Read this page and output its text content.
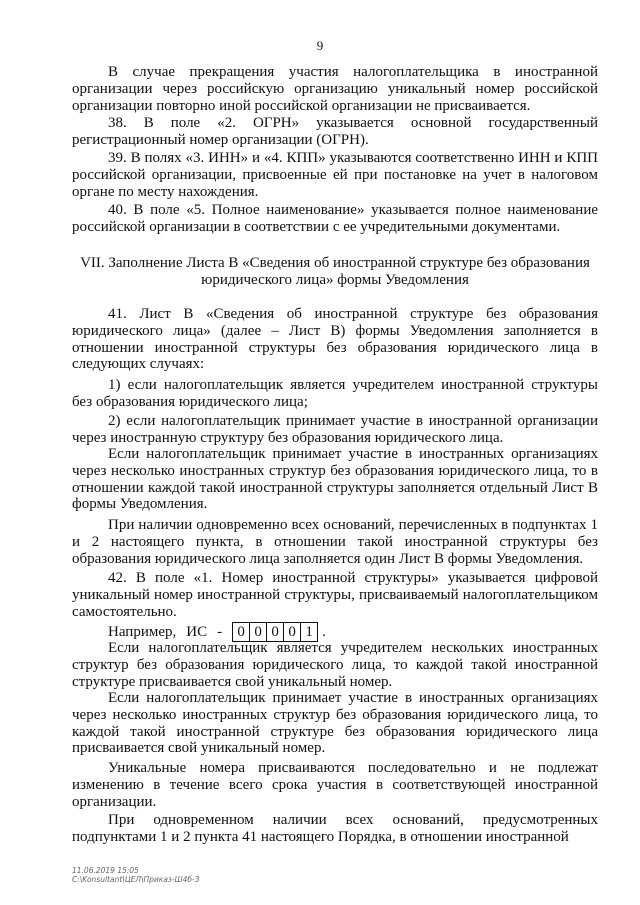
9

В случае прекращения участия налогоплательщика в иностранной организации через российскую организацию уникальный номер российской организации повторно иной российской организации не присваивается.

38. В поле «2. ОГРН» указывается основной государственный регистрационный номер организации (ОГРН).

39. В полях «3. ИНН» и «4. КПП» указываются соответственно ИНН и КПП российской организации, присвоенные ей при постановке на учет в налоговом органе по месту нахождения.

40. В поле «5. Полное наименование» указывается полное наименование российской организации в соответствии с ее учредительными документами.

VII. Заполнение Листа В «Сведения об иностранной структуре без образования юридического лица» формы Уведомления

41. Лист В «Сведения об иностранной структуре без образования юридического лица» (далее – Лист В) формы Уведомления заполняется в отношении иностранной структуры без образования юридического лица в следующих случаях:

1) если налогоплательщик является учредителем иностранной структуры без образования юридического лица;

2) если налогоплательщик принимает участие в иностранной организации через иностранную структуру без образования юридического лица.

Если налогоплательщик принимает участие в иностранных организациях через несколько иностранных структур без образования юридического лица, то в отношении каждой такой иностранной структуры заполняется отдельный Лист В формы Уведомления.

При наличии одновременно всех оснований, перечисленных в подпунктах 1 и 2 настоящего пункта, в отношении такой иностранной структуры без образования юридического лица заполняется один Лист В формы Уведомления.

42. В поле «1. Номер иностранной структуры» указывается цифровой уникальный номер иностранной структуры, присваиваемый налогоплательщиком самостоятельно.

Например, ИС -	0 0 0 0 1 .

Если налогоплательщик является учредителем нескольких иностранных структур без образования юридического лица, то каждой такой иностранной структуре присваивается свой уникальный номер.

Если налогоплательщик принимает участие в иностранных организациях через несколько иностранных структур без образования юридического лица, то каждой такой иностранной структуре без образования юридического лица присваивается свой уникальный номер.

Уникальные номера присваиваются последовательно и не подлежат изменению в течение всего срока участия в соответствующей иностранной организации.

При одновременном наличии всех оснований, предусмотренных подпунктами 1 и 2 пункта 41 настоящего Порядка, в отношении иностранной

11.06.2019 15:05
C:\Konsultant\ЦЕЛ\Приказ-Ш4б-3
